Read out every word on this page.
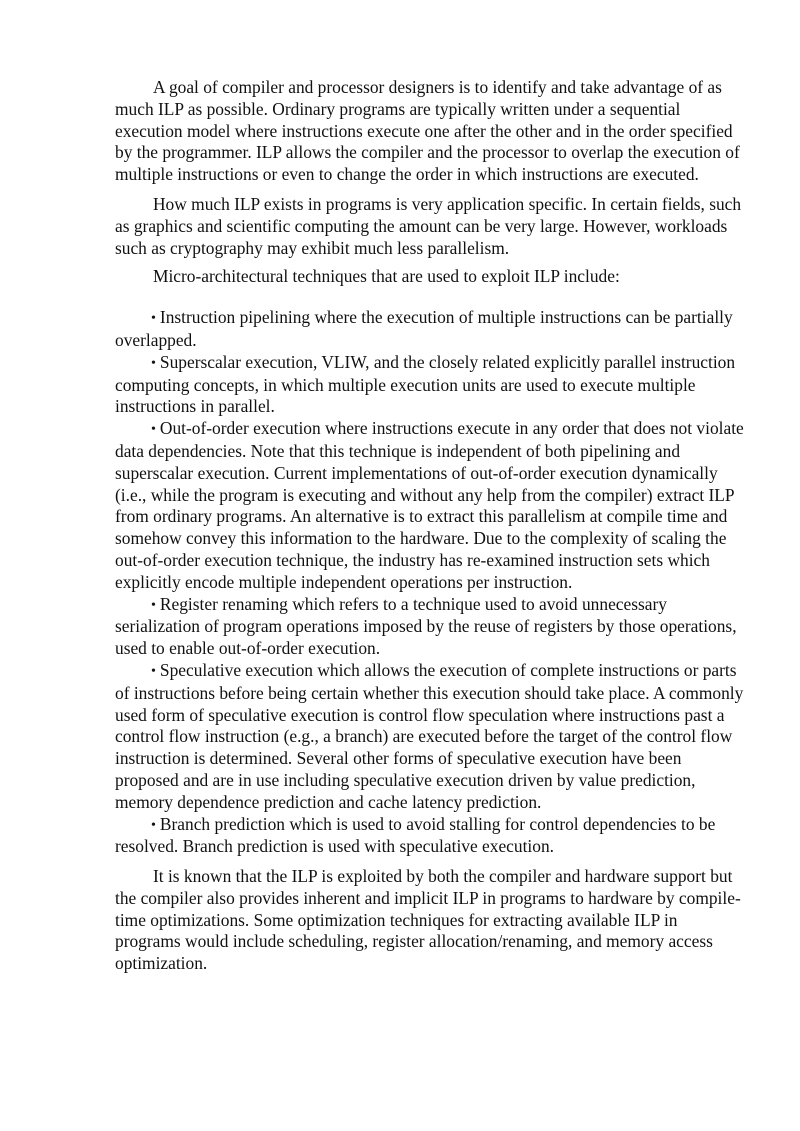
A goal of compiler and processor designers is to identify and take advantage of as much ILP as possible. Ordinary programs are typically written under a sequential execution model where instructions execute one after the other and in the order specified by the programmer. ILP allows the compiler and the processor to overlap the execution of multiple instructions or even to change the order in which instructions are executed.

How much ILP exists in programs is very application specific. In certain fields, such as graphics and scientific computing the amount can be very large. However, workloads such as cryptography may exhibit much less parallelism.

Micro-architectural techniques that are used to exploit ILP include:

• Instruction pipelining where the execution of multiple instructions can be partially overlapped.

• Superscalar execution, VLIW, and the closely related explicitly parallel instruction computing concepts, in which multiple execution units are used to execute multiple instructions in parallel.

• Out-of-order execution where instructions execute in any order that does not violate data dependencies. Note that this technique is independent of both pipelining and superscalar execution. Current implementations of out-of-order execution dynamically (i.e., while the program is executing and without any help from the compiler) extract ILP from ordinary programs. An alternative is to extract this parallelism at compile time and somehow convey this information to the hardware. Due to the complexity of scaling the out-of-order execution technique, the industry has re-examined instruction sets which explicitly encode multiple independent operations per instruction.

• Register renaming which refers to a technique used to avoid unnecessary serialization of program operations imposed by the reuse of registers by those operations, used to enable out-of-order execution.

• Speculative execution which allows the execution of complete instructions or parts of instructions before being certain whether this execution should take place. A commonly used form of speculative execution is control flow speculation where instructions past a control flow instruction (e.g., a branch) are executed before the target of the control flow instruction is determined. Several other forms of speculative execution have been proposed and are in use including speculative execution driven by value prediction, memory dependence prediction and cache latency prediction.

• Branch prediction which is used to avoid stalling for control dependencies to be resolved. Branch prediction is used with speculative execution.

It is known that the ILP is exploited by both the compiler and hardware support but the compiler also provides inherent and implicit ILP in programs to hardware by compile-time optimizations. Some optimization techniques for extracting available ILP in programs would include scheduling, register allocation/renaming, and memory access optimization.
